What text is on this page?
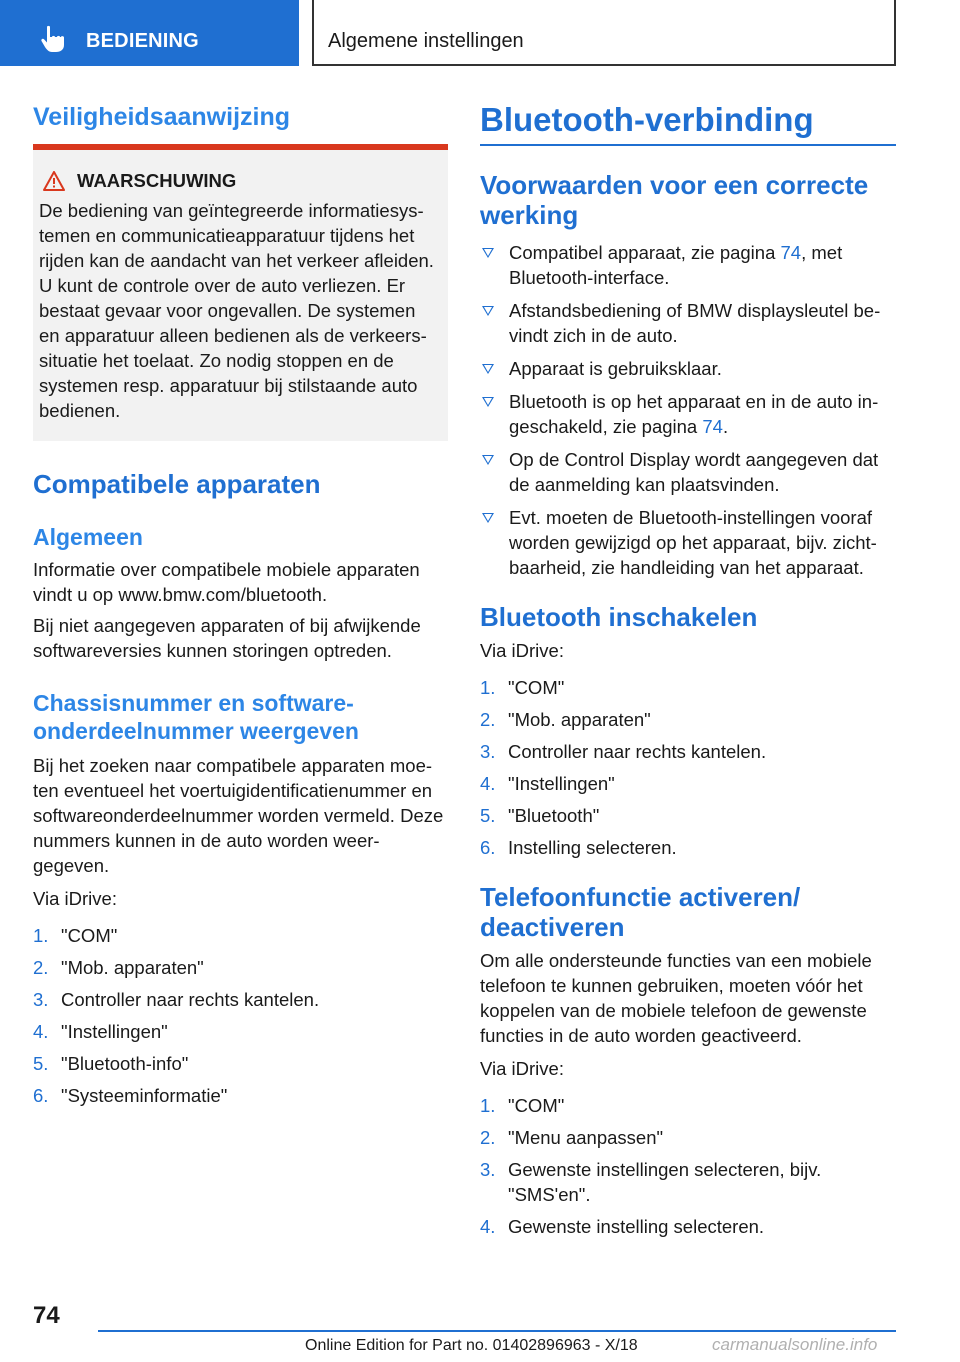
BEDIENING	Algemene instellingen
Veiligheidsaanwijzing
WAARSCHUWING

De bediening van geïntegreerde informatiesys-temen en communicatieapparatuur tijdens het rijden kan de aandacht van het verkeer afleiden. U kunt de controle over de auto verliezen. Er bestaat gevaar voor ongevallen. De systemen en apparatuur alleen bedienen als de verkeers-situatie het toelaat. Zo nodig stoppen en de systemen resp. apparatuur bij stilstaande auto bedienen.

Compatibele apparaten
Algemeen

Informatie over compatibele mobiele apparaten vindt u op www.bmw.com/bluetooth.

Bij niet aangegeven apparaten of bij afwijkende softwareversies kunnen storingen optreden.

Chassisnummer en software-onderdeelnummer weergeven

Bij het zoeken naar compatibele apparaten moe-ten eventueel het voertuigidentificatienummer en softwareonderdeelnummer worden vermeld. Deze nummers kunnen in de auto worden weer-gegeven.

Via iDrive:

1. "COM"
2. "Mob. apparaten"
3. Controller naar rechts kantelen.
4. "Instellingen"
5. "Bluetooth-info"
6. "Systeeminformatie"
Bluetooth-verbinding
Voorwaarden voor een correcte werking
Compatibel apparaat, zie pagina 74, met Bluetooth-interface.
Afstandsbediening of BMW displaysleutel be-vindt zich in de auto.
Apparaat is gebruiksklaar.
Bluetooth is op het apparaat en in de auto in-geschakeld, zie pagina 74.
Op de Control Display wordt aangegeven dat de aanmelding kan plaatsvinden.
Evt. moeten de Bluetooth-instellingen vooraf worden gewijzigd op het apparaat, bijv. zicht-baarheid, zie handleiding van het apparaat.
Bluetooth inschakelen

Via iDrive:

1. "COM"
2. "Mob. apparaten"
3. Controller naar rechts kantelen.
4. "Instellingen"
5. "Bluetooth"
6. Instelling selecteren.
Telefoonfunctie activeren/ deactiveren

Om alle ondersteunde functies van een mobiele telefoon te kunnen gebruiken, moeten vóór het koppelen van de mobiele telefoon de gewenste functies in de auto worden geactiveerd.

Via iDrive:

1. "COM"
2. "Menu aanpassen"
3. Gewenste instellingen selecteren, bijv. "SMS'en".
4. Gewenste instelling selecteren.
74
Online Edition for Part no. 01402896963 - X/18	carmanualsonline.info
